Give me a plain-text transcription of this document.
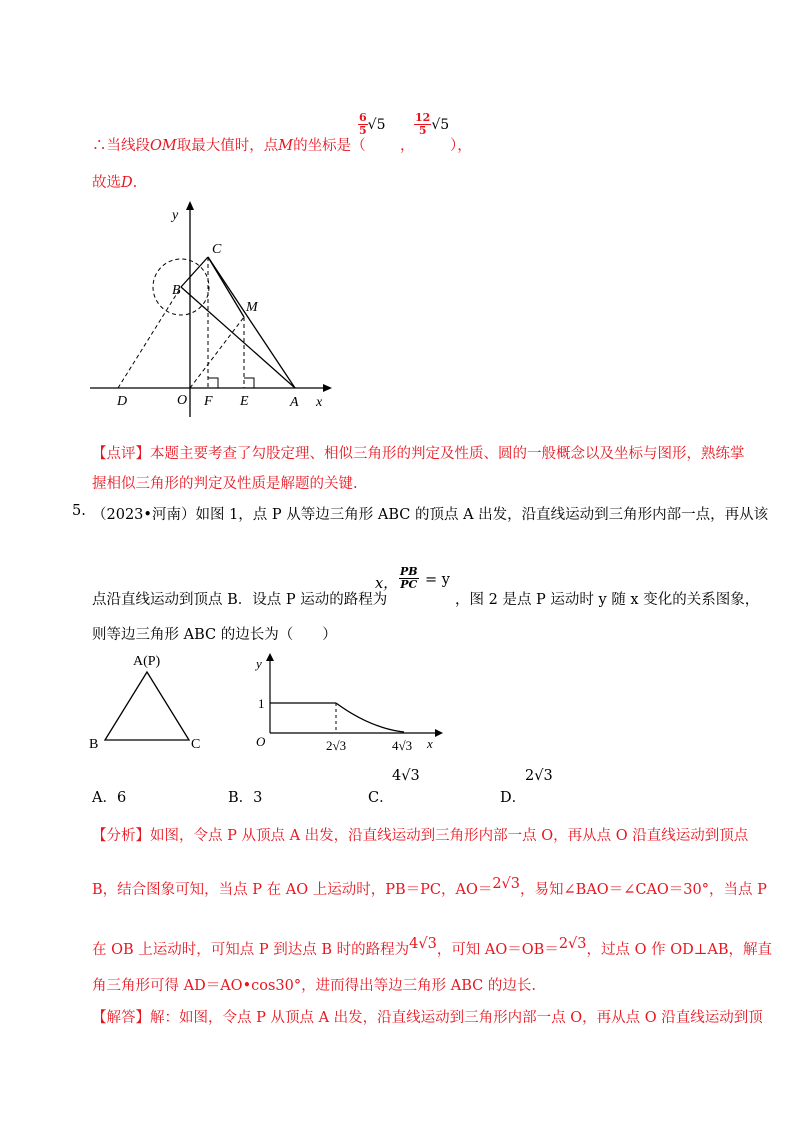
∴当线段OM取最大值时，点M的坐标是（
$\frac{6}{5} √5$
，
$\frac{12}{5} √5$
），
故选D.
y
x
C
B
M
D	O F E	A
【点评】本题主要考查了勾股定理、相似三角形的判定及性质、圆的一般概念以及坐标与图形，熟练掌
握相似三角形的判定及性质是解题的关键.
5. （2023•河南）如图 1，点 P 从等边三角形 ABC 的顶点 A 出发，沿直线运动到三角形内部一点，再从该
点沿直线运动到顶点 B．设点 P 运动的路程为
x， $\frac{PB}{PC} = y$
，图 2 是点 P 运动时 y 随 x 变化的关系图象，
则等边三角形 ABC 的边长为（　　）
A(P)
B	C
y
x
O
1
2√3	4√3
A．6	B．3	C．
4√3
D．
2√3
【分析】如图，令点 P 从顶点 A 出发，沿直线运动到三角形内部一点 O，再从点 O 沿直线运动到顶点
B，结合图象可知，当点 P 在 AO 上运动时，PB＝PC，AO＝2√3，易知∠BAO＝∠CAO＝30°，当点 P
在 OB 上运动时，可知点 P 到达点 B 时的路程为4√3，可知 AO＝OB＝2√3，过点 O 作 OD⊥AB，解直
角三角形可得 AD＝AO•cos30°，进而得出等边三角形 ABC 的边长.
【解答】解：如图，令点 P 从顶点 A 出发，沿直线运动到三角形内部一点 O，再从点 O 沿直线运动到顶
